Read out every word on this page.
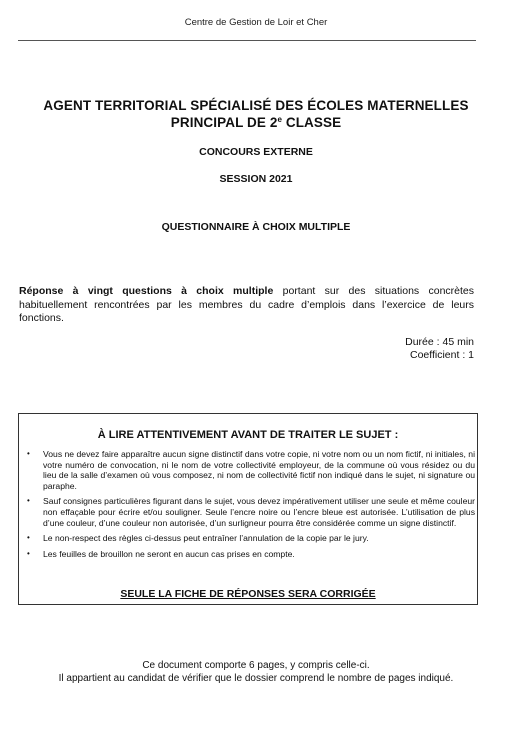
Centre de Gestion de Loir et Cher
AGENT TERRITORIAL SPÉCIALISÉ DES ÉCOLES MATERNELLES
PRINCIPAL DE 2e CLASSE
CONCOURS EXTERNE
SESSION 2021
QUESTIONNAIRE À CHOIX MULTIPLE
Réponse à vingt questions à choix multiple portant sur des situations concrètes habituellement rencontrées par les membres du cadre d’emplois dans l’exercice de leurs fonctions.
Durée : 45 min
Coefficient : 1
À LIRE ATTENTIVEMENT AVANT DE TRAITER LE SUJET :
• Vous ne devez faire apparaître aucun signe distinctif dans votre copie, ni votre nom ou un nom fictif, ni initiales, ni votre numéro de convocation, ni le nom de votre collectivité employeur, de la commune où vous résidez ou du lieu de la salle d’examen où vous composez, ni nom de collectivité fictif non indiqué dans le sujet, ni signature ou paraphe.
• Sauf consignes particulières figurant dans le sujet, vous devez impérativement utiliser une seule et même couleur non effaçable pour écrire et/ou souligner. Seule l’encre noire ou l’encre bleue est autorisée. L’utilisation de plus d’une couleur, d’une couleur non autorisée, d’un surligneur pourra être considérée comme un signe distinctif.
• Le non-respect des règles ci-dessus peut entraîner l’annulation de la copie par le jury.
• Les feuilles de brouillon ne seront en aucun cas prises en compte.
SEULE LA FICHE DE RÉPONSES SERA CORRIGÉE
Ce document comporte 6 pages, y compris celle-ci.
Il appartient au candidat de vérifier que le dossier comprend le nombre de pages indiqué.
